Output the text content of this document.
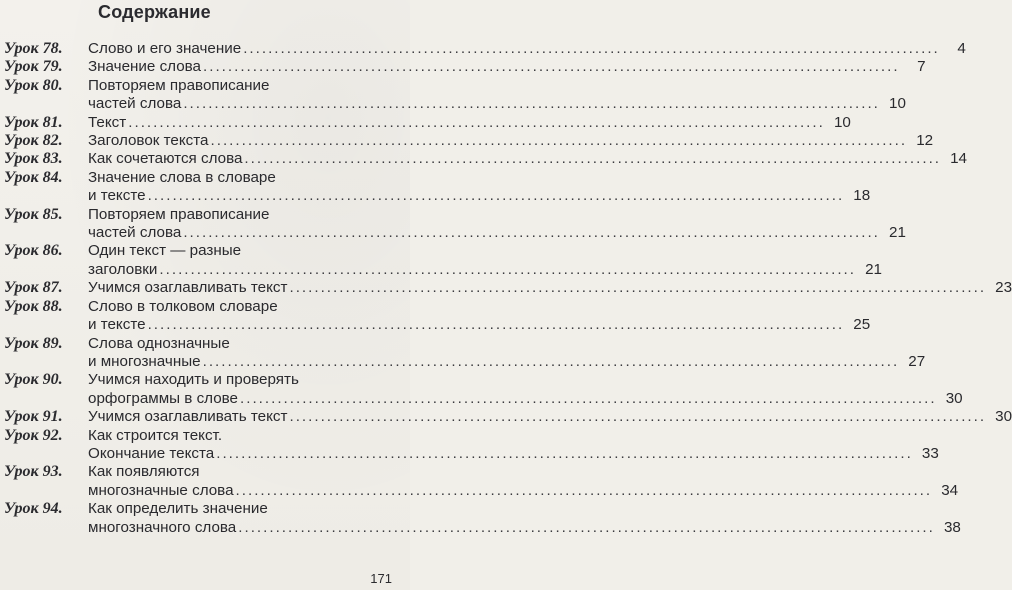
Содержание
Урок 78.	Слово и его значение .....	4
Урок 79.	Значение слова .....	7
Урок 80.	Повторяем правописание
частей слова .....	10
Урок 81.	Текст .....	10
Урок 82.	Заголовок текста .....	12
Урок 83.	Как сочетаются слова .....	14
Урок 84.	Значение слова в словаре
и тексте .....	18
Урок 85.	Повторяем правописание
частей слова .....	21
Урок 86.	Один текст — разные
заголовки .....	21
Урок 87.	Учимся озаглавливать текст .....	23
Урок 88.	Слово в толковом словаре
и тексте .....	25
Урок 89.	Слова однозначные
и многозначные .....	27
Урок 90.	Учимся находить и проверять
орфограммы в слове .....	30
Урок 91.	Учимся озаглавливать текст .....	30
Урок 92.	Как строится текст.
Окончание текста .....	33
Урок 93.	Как появляются
многозначные слова .....	34
Урок 94.	Как определить значение
многозначного слова .....	38
171
